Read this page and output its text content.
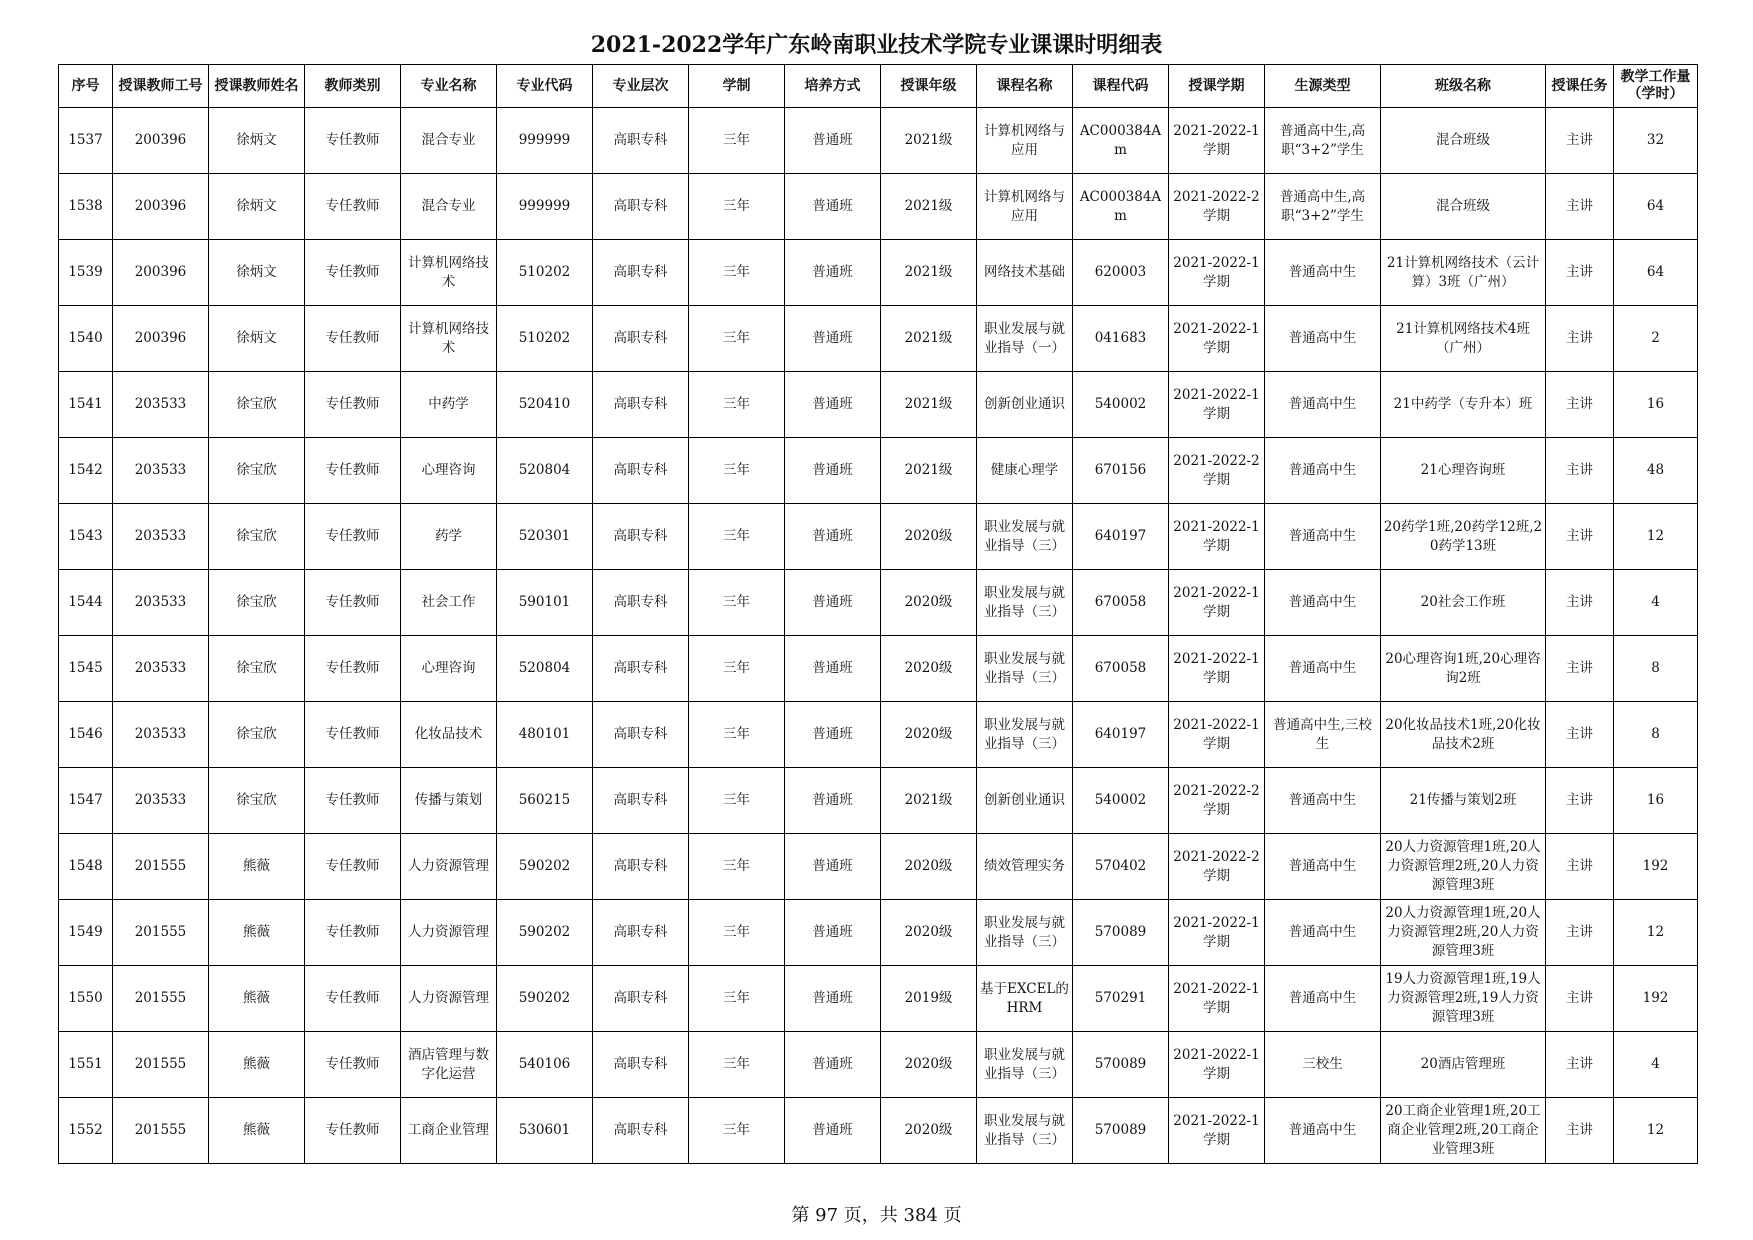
2021-2022学年广东岭南职业技术学院专业课课时明细表
序号	授课教师工号	授课教师姓名	教师类别	专业名称	专业代码	专业层次	学制	培养方式	授课年级	课程名称	课程代码	授课学期	生源类型	班级名称	授课任务	教学工作量（学时）

1537	200396	徐炳文	专任教师	混合专业	999999	高职专科	三年	普通班	2021级	计算机网络与应用	AC000384Am	2021-2022-1学期	普通高中生,高职“3+2”学生	混合班级	主讲	32

1538	200396	徐炳文	专任教师	混合专业	999999	高职专科	三年	普通班	2021级	计算机网络与应用	AC000384Am	2021-2022-2学期	普通高中生,高职“3+2”学生	混合班级	主讲	64

1539	200396	徐炳文	专任教师	计算机网络技术	510202	高职专科	三年	普通班	2021级	网络技术基础	620003	2021-2022-1学期	普通高中生	21计算机网络技术（云计算）3班（广州）	主讲	64

1540	200396	徐炳文	专任教师	计算机网络技术	510202	高职专科	三年	普通班	2021级	职业发展与就业指导（一）	041683	2021-2022-1学期	普通高中生	21计算机网络技术4班（广州）	主讲	2

1541	203533	徐宝欣	专任教师	中药学	520410	高职专科	三年	普通班	2021级	创新创业通识	540002	2021-2022-1学期	普通高中生	21中药学（专升本）班	主讲	16

1542	203533	徐宝欣	专任教师	心理咨询	520804	高职专科	三年	普通班	2021级	健康心理学	670156	2021-2022-2学期	普通高中生	21心理咨询班	主讲	48

1543	203533	徐宝欣	专任教师	药学	520301	高职专科	三年	普通班	2020级	职业发展与就业指导（三）	640197	2021-2022-1学期	普通高中生	20药学1班,20药学12班,20药学13班	主讲	12

1544	203533	徐宝欣	专任教师	社会工作	590101	高职专科	三年	普通班	2020级	职业发展与就业指导（三）	670058	2021-2022-1学期	普通高中生	20社会工作班	主讲	4

1545	203533	徐宝欣	专任教师	心理咨询	520804	高职专科	三年	普通班	2020级	职业发展与就业指导（三）	670058	2021-2022-1学期	普通高中生	20心理咨询1班,20心理咨询2班	主讲	8

1546	203533	徐宝欣	专任教师	化妆品技术	480101	高职专科	三年	普通班	2020级	职业发展与就业指导（三）	640197	2021-2022-1学期	普通高中生,三校生	20化妆品技术1班,20化妆品技术2班	主讲	8

1547	203533	徐宝欣	专任教师	传播与策划	560215	高职专科	三年	普通班	2021级	创新创业通识	540002	2021-2022-2学期	普通高中生	21传播与策划2班	主讲	16

1548	201555	熊薇	专任教师	人力资源管理	590202	高职专科	三年	普通班	2020级	绩效管理实务	570402	2021-2022-2学期	普通高中生	20人力资源管理1班,20人力资源管理2班,20人力资源管理3班	主讲	192

1549	201555	熊薇	专任教师	人力资源管理	590202	高职专科	三年	普通班	2020级	职业发展与就业指导（三）	570089	2021-2022-1学期	普通高中生	20人力资源管理1班,20人力资源管理2班,20人力资源管理3班	主讲	12

1550	201555	熊薇	专任教师	人力资源管理	590202	高职专科	三年	普通班	2019级	基于EXCEL的HRM	570291	2021-2022-1学期	普通高中生	19人力资源管理1班,19人力资源管理2班,19人力资源管理3班	主讲	192

1551	201555	熊薇	专任教师	酒店管理与数字化运营	540106	高职专科	三年	普通班	2020级	职业发展与就业指导（三）	570089	2021-2022-1学期	三校生	20酒店管理班	主讲	4

1552	201555	熊薇	专任教师	工商企业管理	530601	高职专科	三年	普通班	2020级	职业发展与就业指导（三）	570089	2021-2022-1学期	普通高中生	20工商企业管理1班,20工商企业管理2班,20工商企业管理3班	主讲	12
第 97 页，共 384 页
